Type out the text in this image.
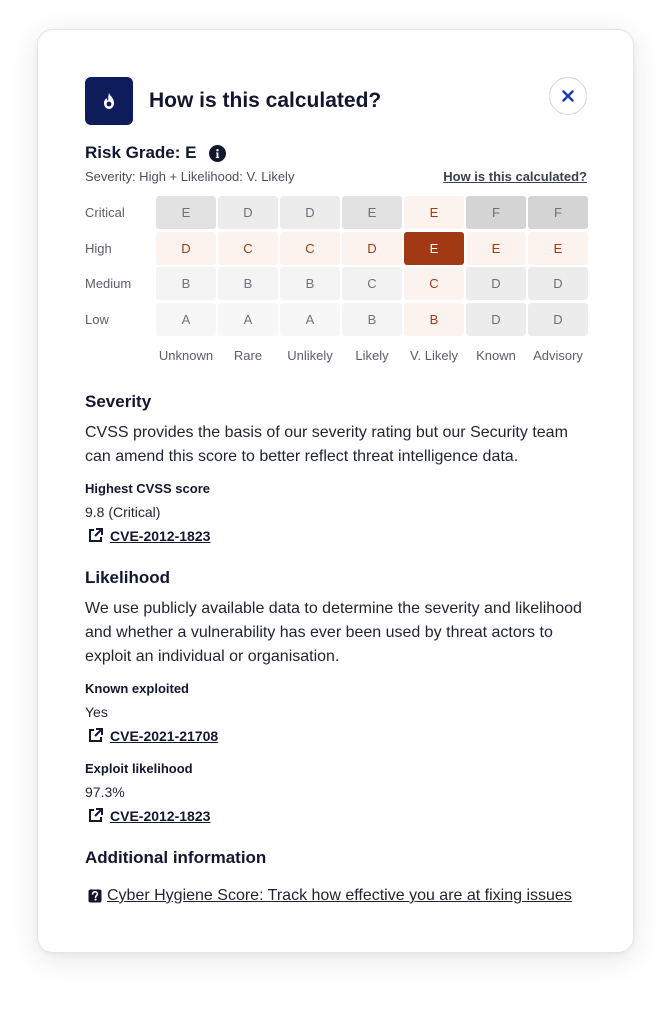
How is this calculated?
Risk Grade: E
Severity: High + Likelihood: V. Likely	How is this calculated?
Critical	E	D	D	E	E	F	F
High	D	C	C	D	E	E	E
Medium	B	B	B	C	C	D	D
Low	A	A	A	B	B	D	D
Unknown	Rare	Unlikely	Likely	V. Likely	Known	Advisory
Severity

CVSS provides the basis of our severity rating but our Security team can amend this score to better reflect threat intelligence data.

Highest CVSS score
9.8 (Critical)
CVE-2012-1823
Likelihood

We use publicly available data to determine the severity and likelihood and whether a vulnerability has ever been used by threat actors to exploit an individual or organisation.

Known exploited
Yes
CVE-2021-21708
Exploit likelihood
97.3%
CVE-2012-1823
Additional information
Cyber Hygiene Score: Track how effective you are at fixing issues
